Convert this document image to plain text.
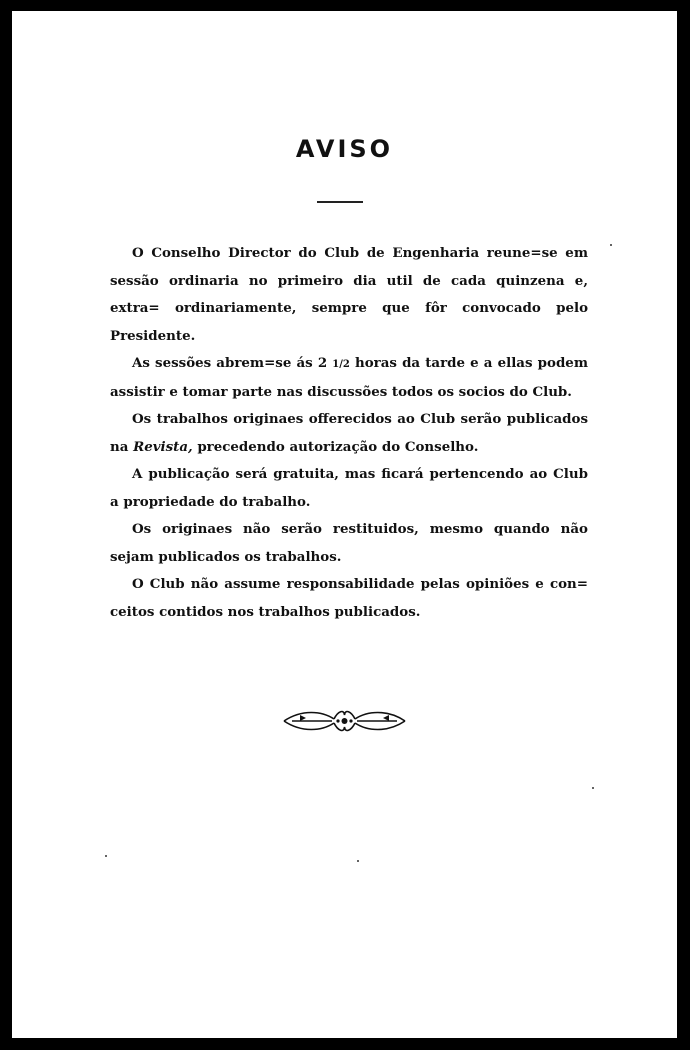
AVISO

O Conselho Director do Club de Engenharia reune=se em sessão ordinaria no primeiro dia util de cada quinzena e, extra= ordinariamente, sempre que fôr convocado pelo Presidente.

As sessões abrem=se ás 2 1/2 horas da tarde e a ellas podem assistir e tomar parte nas discussões todos os socios do Club.

Os trabalhos originaes offerecidos ao Club serão publicados na Revista, precedendo autorização do Conselho.

A publicação será gratuita, mas ficará pertencendo ao Club a propriedade do trabalho.

Os originaes não serão restituidos, mesmo quando não sejam publicados os trabalhos.

O Club não assume responsabilidade pelas opiniões e con= ceitos contidos nos trabalhos publicados.
